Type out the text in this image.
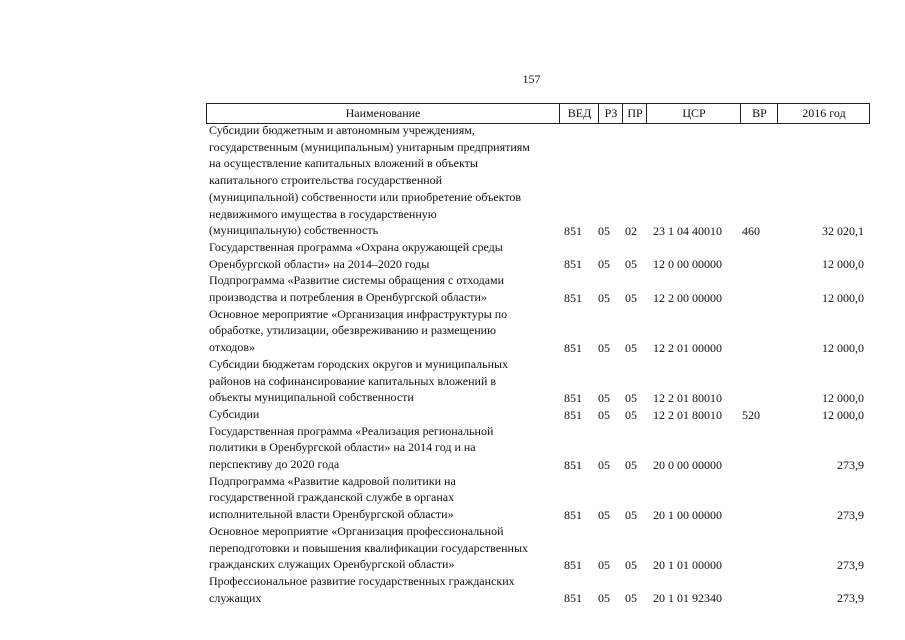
157
Наименование	ВЕД	РЗ ПР	ЦСР	ВР	2016 год
Субсидии бюджетным и автономным учреждениям,
государственным (муниципальным) унитарным предприятиям
на осуществление капитальных вложений в объекты
капитального строительства государственной
(муниципальной) собственности или приобретение объектов
недвижимого имущества в государственную
(муниципальную) собственность	851 05 02 23 1 04 40010 460	32 020,1
Государственная программа «Охрана окружающей среды
Оренбургской области» на 2014–2020 годы	851 05 05 12 0 00 00000	12 000,0
Подпрограмма «Развитие системы обращения с отходами
производства и потребления в Оренбургской области»	851 05 05 12 2 00 00000	12 000,0
Основное мероприятие «Организация инфраструктуры по
обработке, утилизации, обезвреживанию и размещению
отходов»	851 05 05 12 2 01 00000	12 000,0
Субсидии бюджетам городских округов и муниципальных
районов на софинансирование капитальных вложений в
объекты муниципальной собственности	851 05 05 12 2 01 80010	12 000,0
Субсидии	851 05 05 12 2 01 80010 520	12 000,0
Государственная программа «Реализация региональной
политики в Оренбургской области» на 2014 год и на
перспективу до 2020 года	851 05 05 20 0 00 00000	273,9
Подпрограмма «Развитие кадровой политики на
государственной гражданской службе в органах
исполнительной власти Оренбургской области»	851 05 05 20 1 00 00000	273,9
Основное мероприятие «Организация профессиональной
переподготовки и повышения квалификации государственных
гражданских служащих Оренбургской области»	851 05 05 20 1 01 00000	273,9
Профессиональное развитие государственных гражданских
служащих	851 05 05 20 1 01 92340	273,9
